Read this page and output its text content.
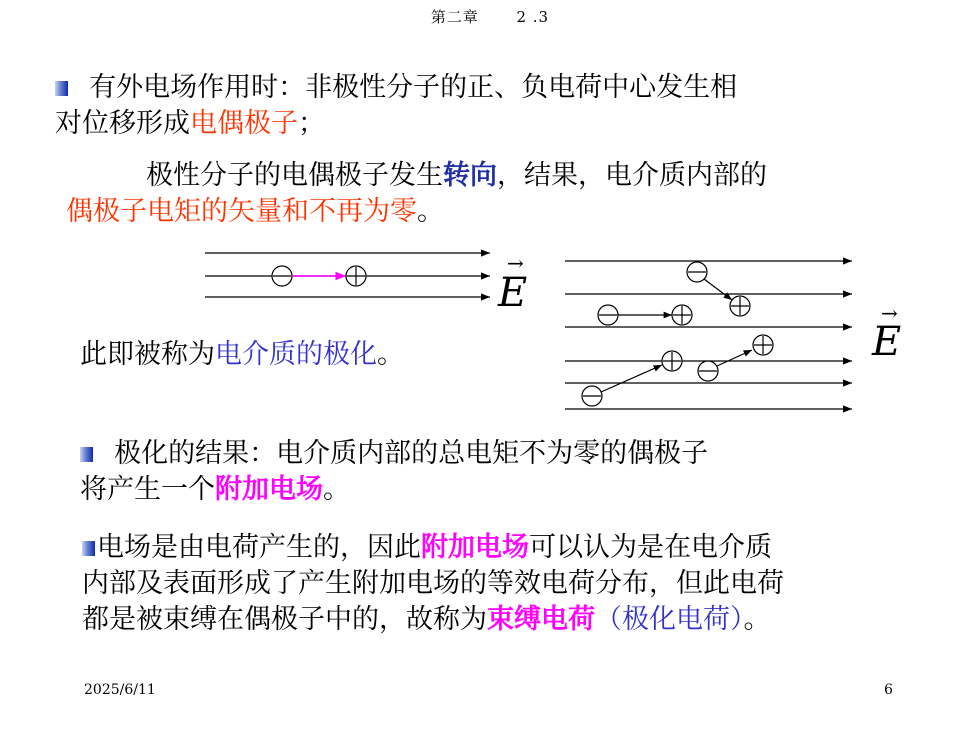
第二章	2 .3
有外电场作用时：非极性分子的正、负电荷中心发生相
对位移形成电偶极子；
极性分子的电偶极子发生转向，结果，电介质内部的
偶极子电矩的矢量和不再为零。
E
→
E
→
此即被称为电介质的极化。
极化的结果：电介质内部的总电矩不为零的偶极子
将产生一个附加电场。
电场是由电荷产生的，因此附加电场可以认为是在电介质
内部及表面形成了产生附加电场的等效电荷分布，但此电荷
都是被束缚在偶极子中的，故称为束缚电荷（极化电荷）。
2025/6/11	6
